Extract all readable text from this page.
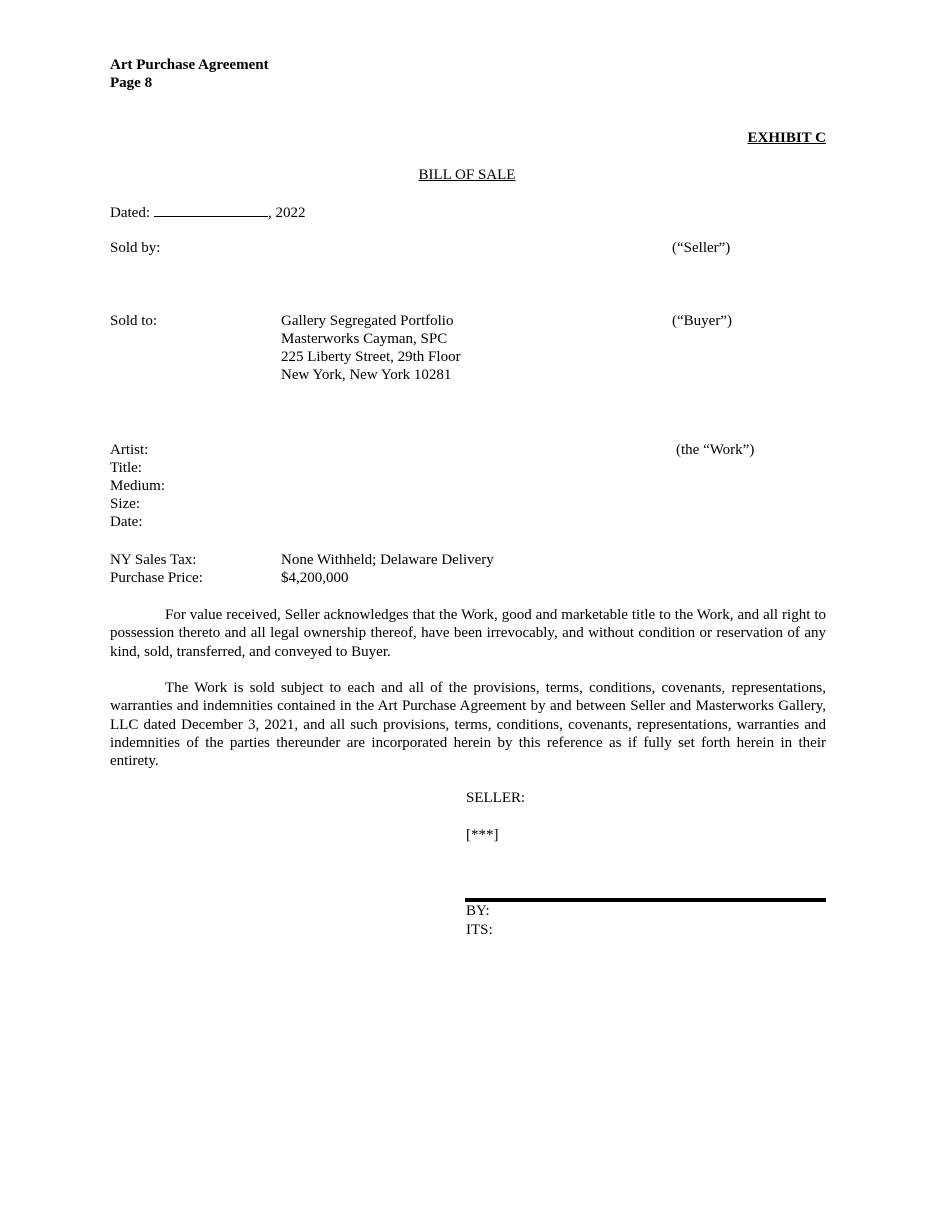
Art Purchase Agreement
Page 8
EXHIBIT C
BILL OF SALE
Dated:	, 2022
Sold by:	(“Seller”)
Sold to:	Gallery Segregated Portfolio
Masterworks Cayman, SPC
225 Liberty Street, 29th Floor
New York, New York 10281
(“Buyer”)
Artist:
Title:
Medium:
Size:
Date:
(the “Work”)
NY Sales Tax:	None Withheld; Delaware Delivery
Purchase Price:	$4,200,000
For value received, Seller acknowledges that the Work, good and marketable title to the Work, and all right to possession thereto and all legal ownership thereof, have been irrevocably, and without condition or reservation of any kind, sold, transferred, and conveyed to Buyer.
The Work is sold subject to each and all of the provisions, terms, conditions, covenants, representations, warranties and indemnities contained in the Art Purchase Agreement by and between Seller and Masterworks Gallery, LLC dated December 3, 2021, and all such provisions, terms, conditions, covenants, representations, warranties and indemnities of the parties thereunder are incorporated herein by this reference as if fully set forth herein in their entirety.
SELLER:
[***]
BY:
ITS:
